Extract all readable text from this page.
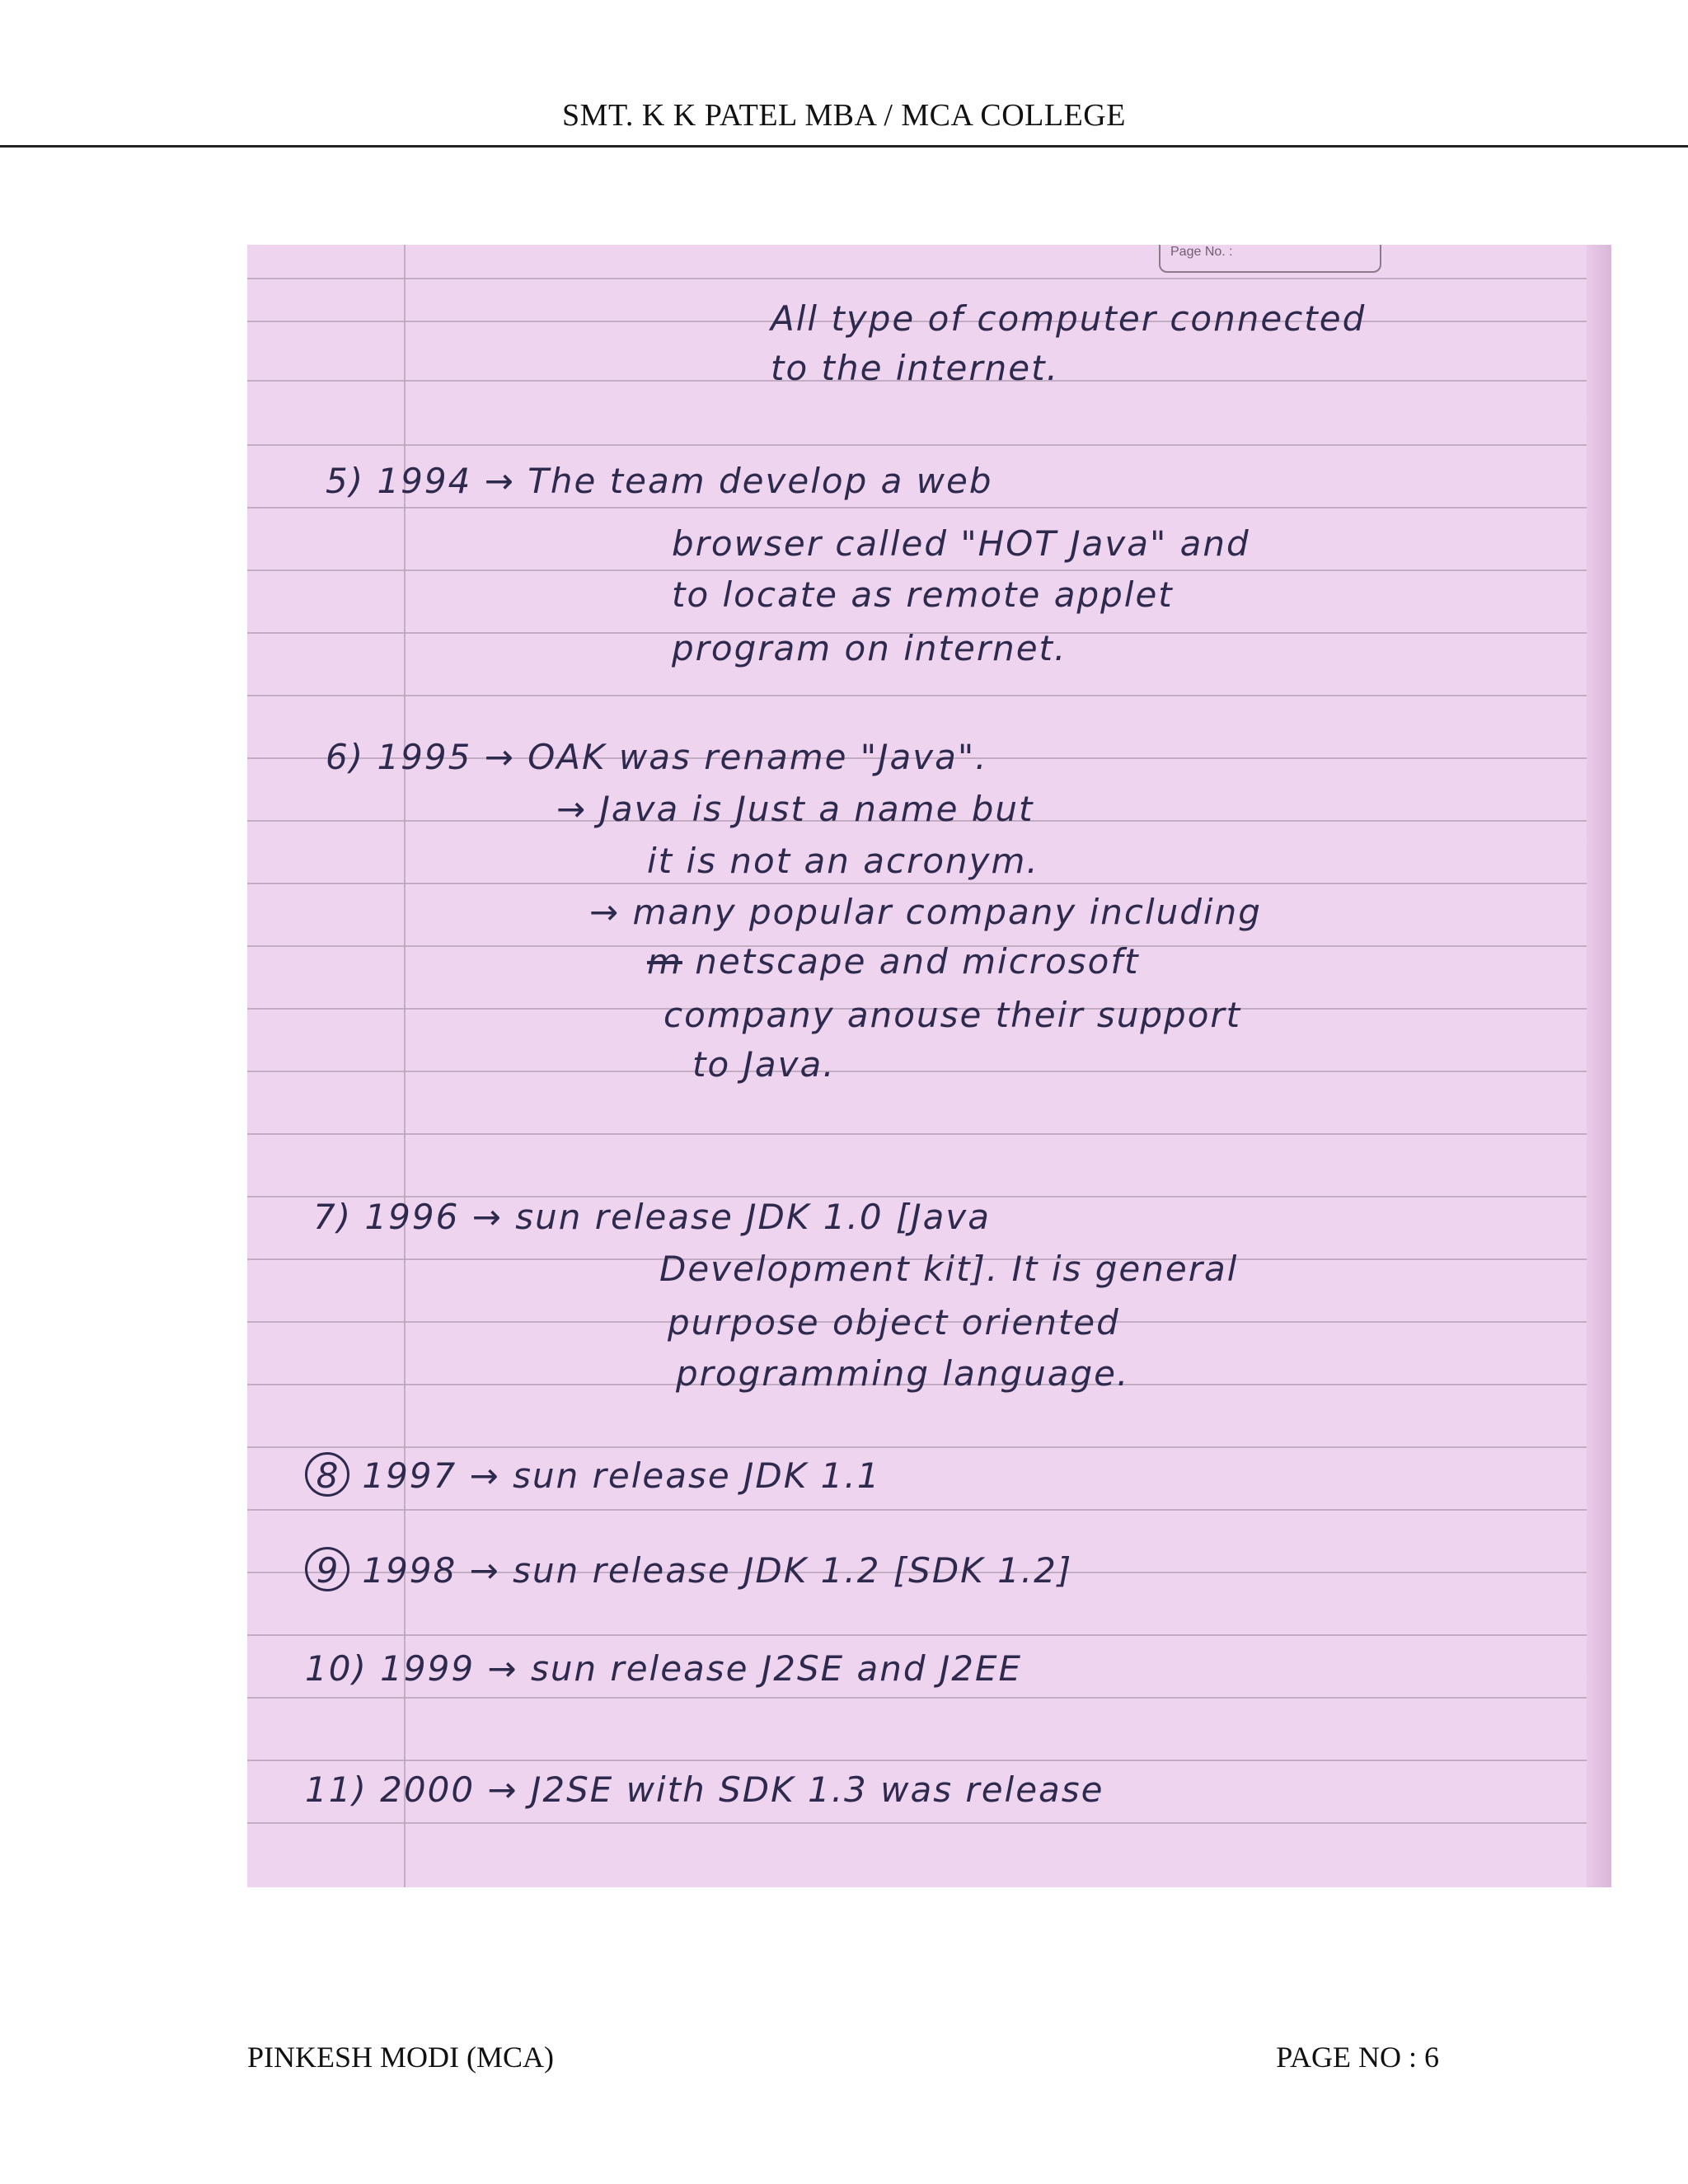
SMT. K K PATEL MBA / MCA COLLEGE
Page No. :
All type of computer connected
to the internet.
5) 1994 → The team develop a web
browser called "HOT Java" and
to locate as remote applet
program on internet.
6) 1995 → OAK was rename "Java".
→ Java is Just a name but
it is not an acronym.
→ many popular company including
m netscape and microsoft
company anouse their support
to Java.
7) 1996 → sun release JDK 1.0 [Java
Development kit]. It is general
purpose object oriented
programming language.
8 1997 → sun release JDK 1.1
9 1998 → sun release JDK 1.2 [SDK 1.2]
10) 1999 → sun release J2SE and J2EE
11) 2000 → J2SE with SDK 1.3 was release
PINKESH MODI (MCA)	PAGE NO : 6
